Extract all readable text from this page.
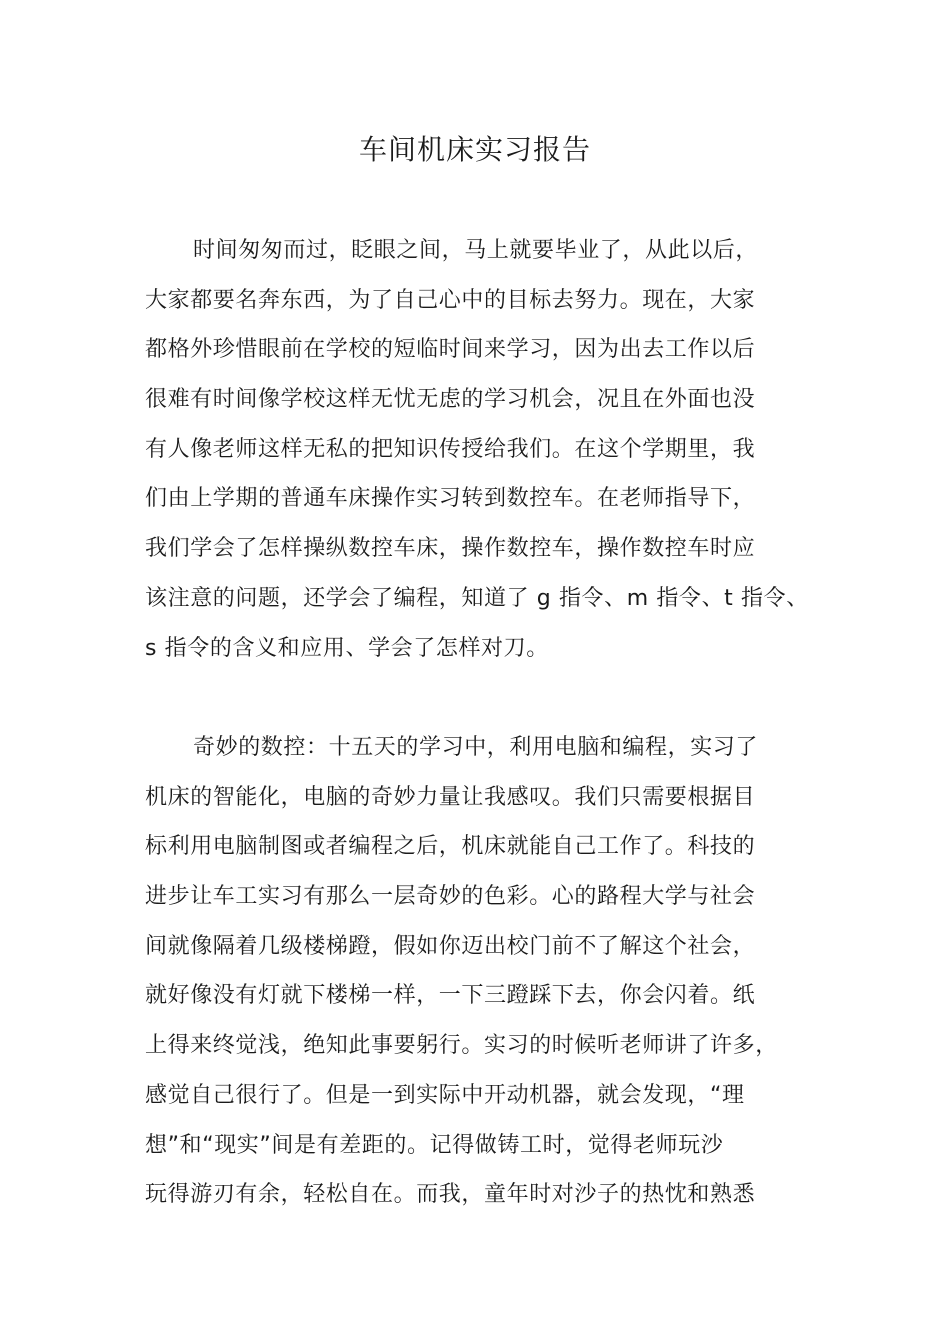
车间机床实习报告
时间匆匆而过，眨眼之间，马上就要毕业了，从此以后，
大家都要名奔东西，为了自己心中的目标去努力。现在，大家
都格外珍惜眼前在学校的短临时间来学习，因为出去工作以后
很难有时间像学校这样无忧无虑的学习机会，况且在外面也没
有人像老师这样无私的把知识传授给我们。在这个学期里，我
们由上学期的普通车床操作实习转到数控车。在老师指导下，
我们学会了怎样操纵数控车床，操作数控车，操作数控车时应
该注意的问题，还学会了编程，知道了 g 指令、m 指令、t 指令、
s 指令的含义和应用、学会了怎样对刀。
奇妙的数控：十五天的学习中，利用电脑和编程，实习了
机床的智能化，电脑的奇妙力量让我感叹。我们只需要根据目
标利用电脑制图或者编程之后，机床就能自己工作了。科技的
进步让车工实习有那么一层奇妙的色彩。心的路程大学与社会
间就像隔着几级楼梯蹬，假如你迈出校门前不了解这个社会，
就好像没有灯就下楼梯一样，一下三蹬踩下去，你会闪着。纸
上得来终觉浅，绝知此事要躬行。实习的时候听老师讲了许多，
感觉自己很行了。但是一到实际中开动机器，就会发现，“理
想”和“现实”间是有差距的。记得做铸工时，觉得老师玩沙
玩得游刃有余，轻松自在。而我，童年时对沙子的热忱和熟悉
